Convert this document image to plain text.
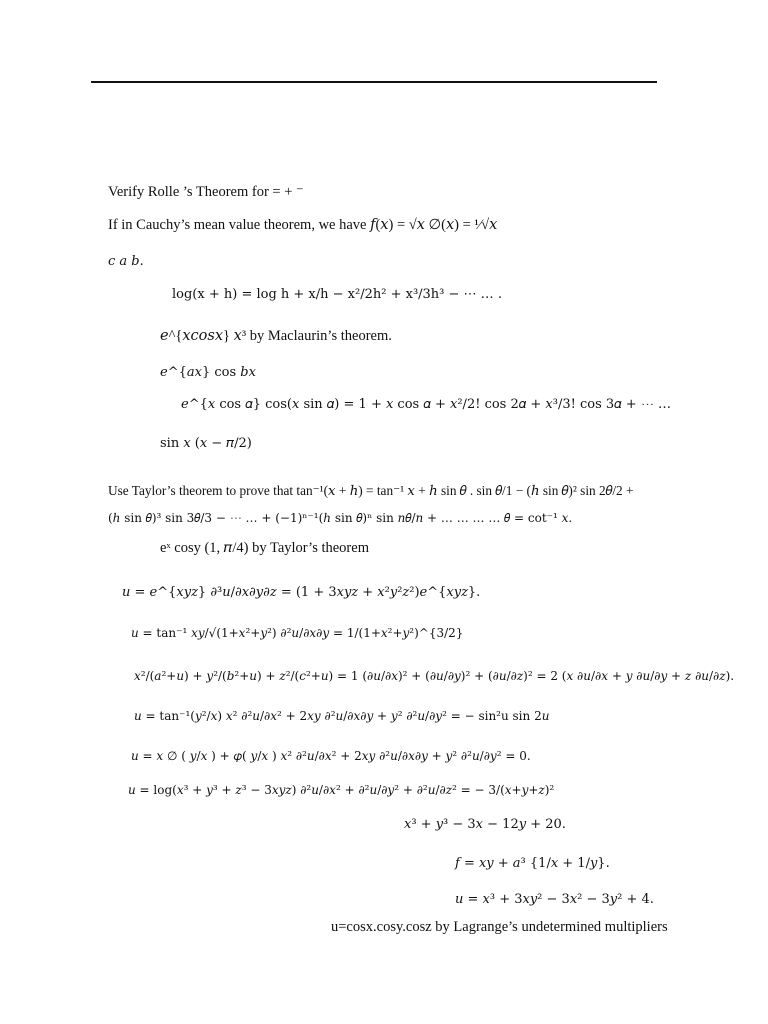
Verify Rolle ’s Theorem for = + ⁻
If in Cauchy’s mean value theorem, we have 𝑓(𝑥) = √𝑥 ∅(𝑥) = ¹⁄√𝑥
𝑐 𝑎 𝑏.
log(x + h) = log h + x/h − x²/2h² + x³/3h³ − ⋯ … .
𝑒^{𝑥𝑐𝑜𝑠𝑥} 𝑥³ by Maclaurin’s theorem.
𝑒^{𝑎𝑥} cos 𝑏𝑥
𝑒^{𝑥 cos 𝛼} cos(𝑥 sin 𝛼) = 1 + 𝑥 cos 𝛼 + 𝑥²/2! cos 2𝛼 + 𝑥³/3! cos 3𝛼 + ⋯ …
sin 𝑥 (𝑥 − 𝜋/2)
Use Taylor’s theorem to prove that tan⁻¹(𝑥 + ℎ) = tan⁻¹ 𝑥 + ℎ sin 𝜃 . sin 𝜃/1 − (ℎ sin 𝜃)² sin 2𝜃/2 +
(ℎ sin 𝜃)³ sin 3𝜃/3 − ⋯ … + (−1)ⁿ⁻¹(ℎ sin 𝜃)ⁿ sin 𝑛𝜃/𝑛 + … … … … 𝜃 = cot⁻¹ 𝑥.
eˣ cosy (1, 𝜋/4) by Taylor’s theorem
𝑢 = 𝑒^{𝑥𝑦𝑧} ∂³𝑢/∂𝑥∂𝑦∂𝑧 = (1 + 3𝑥𝑦𝑧 + 𝑥²𝑦²𝑧²)𝑒^{𝑥𝑦𝑧}.
𝑢 = tan⁻¹ 𝑥𝑦/√(1+𝑥²+𝑦²) ∂²𝑢/∂𝑥∂𝑦 = 1/(1+𝑥²+𝑦²)^{3/2}
𝑥²/(𝑎²+𝑢) + 𝑦²/(𝑏²+𝑢) + 𝑧²/(𝑐²+𝑢) = 1 (∂𝑢/∂𝑥)² + (∂𝑢/∂𝑦)² + (∂𝑢/∂𝑧)² = 2 (𝑥 ∂𝑢/∂𝑥 + 𝑦 ∂𝑢/∂𝑦 + 𝑧 ∂𝑢/∂𝑧).
𝑢 = tan⁻¹(𝑦²/𝑥) 𝑥² ∂²𝑢/∂𝑥² + 2𝑥𝑦 ∂²𝑢/∂𝑥∂𝑦 + 𝑦² ∂²𝑢/∂𝑦² = − sin²u sin 2𝑢
𝑢 = 𝑥 ∅ ( 𝑦/𝑥 ) + 𝜑( 𝑦/𝑥 ) 𝑥² ∂²𝑢/∂𝑥² + 2𝑥𝑦 ∂²𝑢/∂𝑥∂𝑦 + 𝑦² ∂²𝑢/∂𝑦² = 0.
𝑢 = log(𝑥³ + 𝑦³ + 𝑧³ − 3𝑥𝑦𝑧) ∂²𝑢/∂𝑥² + ∂²𝑢/∂𝑦² + ∂²𝑢/∂𝑧² = − 3/(𝑥+𝑦+𝑧)²
𝑥³ + 𝑦³ − 3𝑥 − 12𝑦 + 20.
𝑓 = 𝑥𝑦 + 𝑎³ {1/𝑥 + 1/𝑦}.
𝑢 = 𝑥³ + 3𝑥𝑦² − 3𝑥² − 3𝑦² + 4.
u=cosx.cosy.cosz by Lagrange’s undetermined multipliers
